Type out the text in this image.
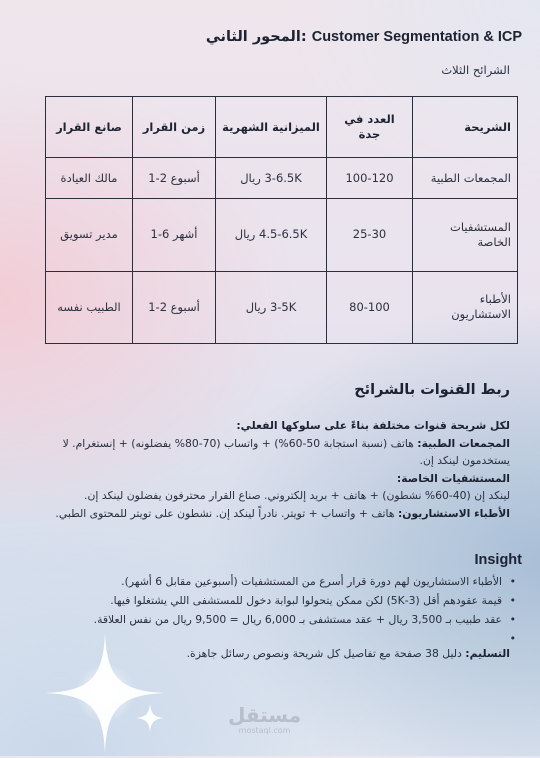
المحور الثاني: Customer Segmentation & ICP
الشرائح الثلاث
الشريحة	العدد في جدة	الميزانية الشهرية	زمن القرار	صانع القرار
المجمعات الطبية	100-120	3-6.5K ريال	أسبوع 2-1	مالك العيادة
المستشفيات الخاصة	25-30	4.5-6.5K ريال	أشهر 6-1	مدير تسويق
الأطباء الاستشاريون	80-100	3-5K ريال	أسبوع 2-1	الطبيب نفسه
ربط القنوات بالشرائح

لكل شريحة قنوات مختلفة بناءً على سلوكها الفعلي:

المجمعات الطبية: هاتف (نسبة استجابة 50-60%) + واتساب (70-80% يفضلونه) + إنستغرام. لا يستخدمون لينكد إن.

المستشفيات الخاصة:

لينكد إن (40-60% نشطون) + هاتف + بريد إلكتروني. صناع القرار محترفون يفضلون لينكد إن.

الأطباء الاستشاريون: هاتف + واتساب + تويتر. نادراً لينكد إن. نشطون على تويتر للمحتوى الطبي.

Insight
• الأطباء الاستشاريون لهم دورة قرار أسرع من المستشفيات (أسبوعين مقابل 6 أشهر).
• قيمة عقودهم أقل (3-5K) لكن ممكن يتحولوا لبوابة دخول للمستشفى اللي يشتغلوا فيها.
• عقد طبيب بـ 3,500 ريال + عقد مستشفى بـ 6,000 ريال = 9,500 ريال من نفس العلاقة.
•
التسليم: دليل 38 صفحة مع تفاصيل كل شريحة ونصوص رسائل جاهزة.
مستقل
mostaql.com
